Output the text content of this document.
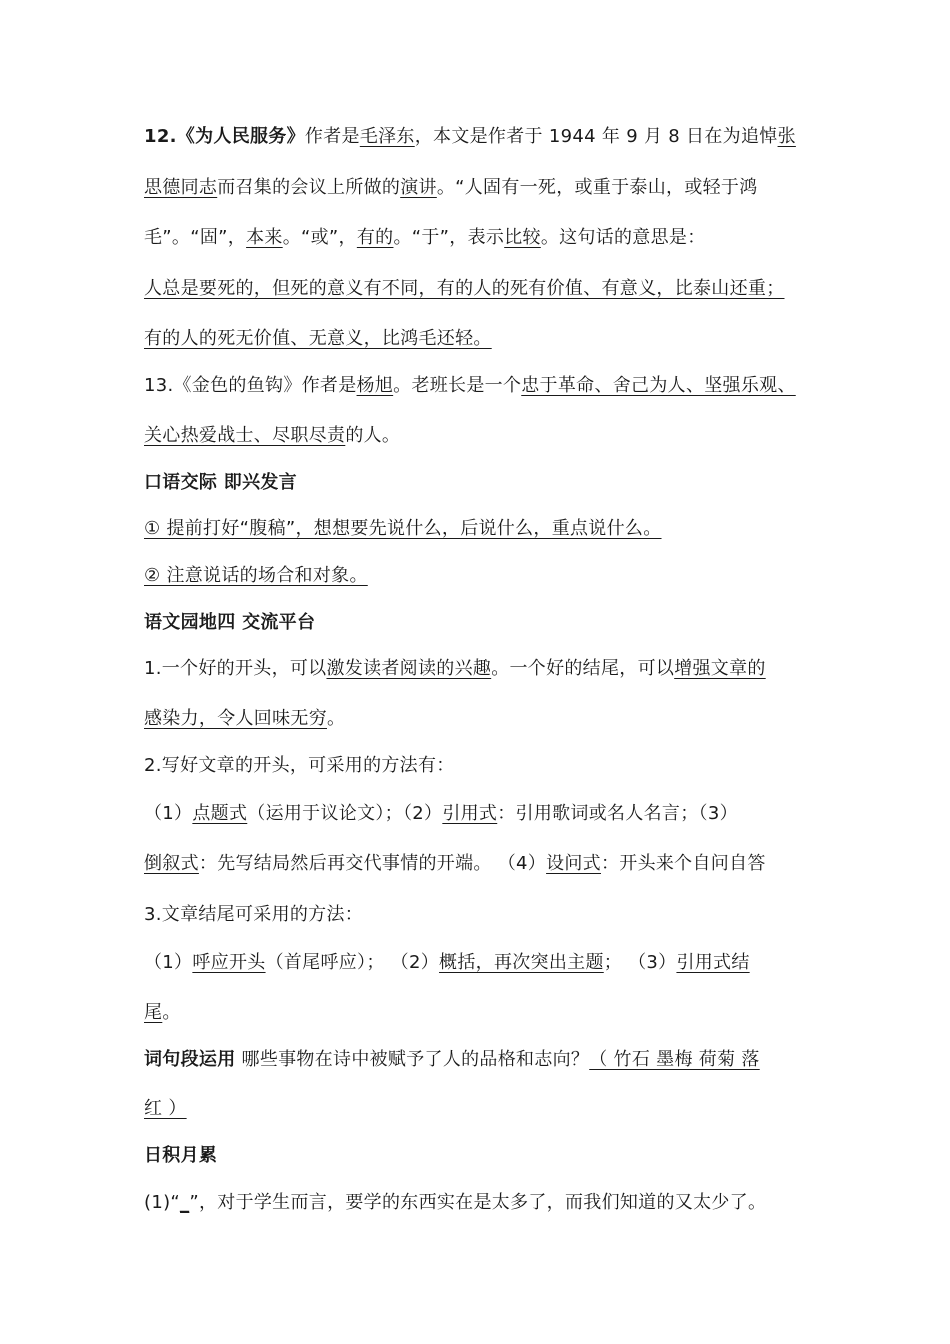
12.《为人民服务》作者是毛泽东，本文是作者于 1944 年 9 月 8 日在为追悼张
思德同志而召集的会议上所做的演讲。“人固有一死，或重于泰山，或轻于鸿
毛”。“固”，本来。“或”，有的。“于”，表示比较。这句话的意思是：
人总是要死的，但死的意义有不同，有的人的死有价值、有意义，比泰山还重；
有的人的死无价值、无意义，比鸿毛还轻。
13.《金色的鱼钩》作者是杨旭。老班长是一个忠于革命、舍己为人、坚强乐观、
关心热爱战士、尽职尽责的人。
口语交际 即兴发言
① 提前打好“腹稿”，想想要先说什么，后说什么，重点说什么。
② 注意说话的场合和对象。
语文园地四 交流平台
1.一个好的开头，可以激发读者阅读的兴趣。一个好的结尾，可以增强文章的
感染力，令人回味无穷。
2.写好文章的开头，可采用的方法有：
（1）点题式（运用于议论文）；（2）引用式：引用歌词或名人名言；（3）
倒叙式：先写结局然后再交代事情的开端。 （4）设问式：开头来个自问自答
3.文章结尾可采用的方法：
（1）呼应开头（首尾呼应）； （2）概括，再次突出主题； （3）引用式结
尾。
词句段运用 哪些事物在诗中被赋予了人的品格和志向？（ 竹石 墨梅 荷菊 落
红 ）
日积月累
(1)“_”，对于学生而言，要学的东西实在是太多了，而我们知道的又太少了。
